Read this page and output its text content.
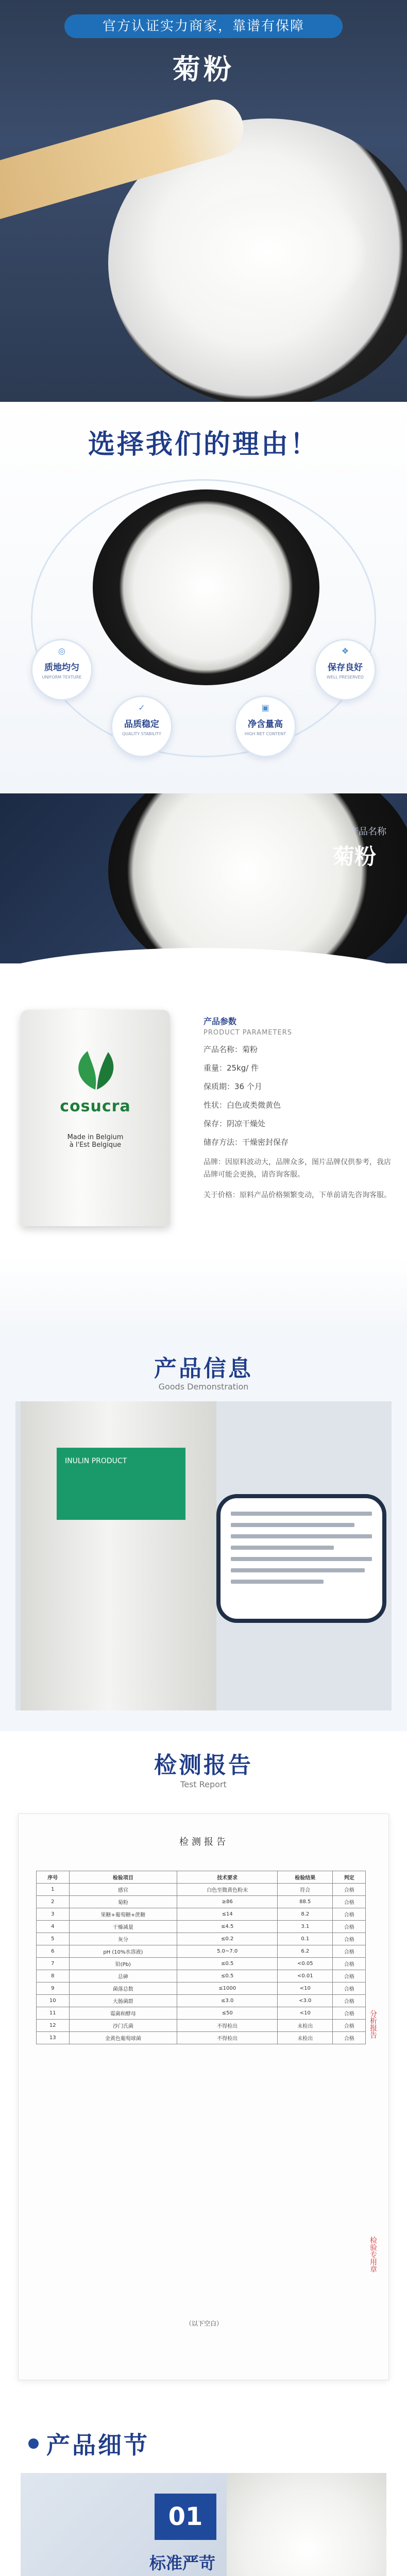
官方认证实力商家，靠谱有保障
菊粉
选择我们的理由！
◎
质地均匀
UNIFORM TEXTURE
✓
品质稳定
QUALITY STABILITY
▣
净含量高
HIGH NET CONTENT
❖
保存良好
WELL PRESERVED
产品名称
菊粉
cosucra
Made in Belgium
à l'Est Belgique
产品参数
PRODUCT PARAMETERS
产品名称：菊粉
重量：25kg/ 件
保质期：36 个月
性状：白色或类微黄色
保存：阴凉干燥处
储存方法：干燥密封保存
品牌：因原料波动大，品牌众多，图片品牌仅供参考，我店品牌可能会更换，请咨询客服。
关于价格：原料产品价格频繁变动，下单前请先咨询客服。
产品信息
Goods Demonstration
INULIN PRODUCT
检测报告
Test Report
检测报告
序号	检验项目	技术要求	检验结果	判定
1	感官	白色至微黄色粉末	符合	合格
2	菊粉	≥86	88.5	合格
3	果糖+葡萄糖+蔗糖	≤14	8.2	合格
4	干燥减量	≤4.5	3.1	合格
5	灰分	≤0.2	0.1	合格
6	pH (10%水溶液)	5.0~7.0	6.2	合格
7	铅(Pb)	≤0.5	<0.05	合格
8	总砷	≤0.5	<0.01	合格
9	菌落总数	≤1000	<10	合格
10	大肠菌群	≤3.0	<3.0	合格
11	霉菌和酵母	≤50	<10	合格
12	沙门氏菌	不得检出	未检出	合格
13	金黄色葡萄球菌	不得检出	未检出	合格
（以下空白）
分析报告
检验专用章
产品细节
01
标准严苛
